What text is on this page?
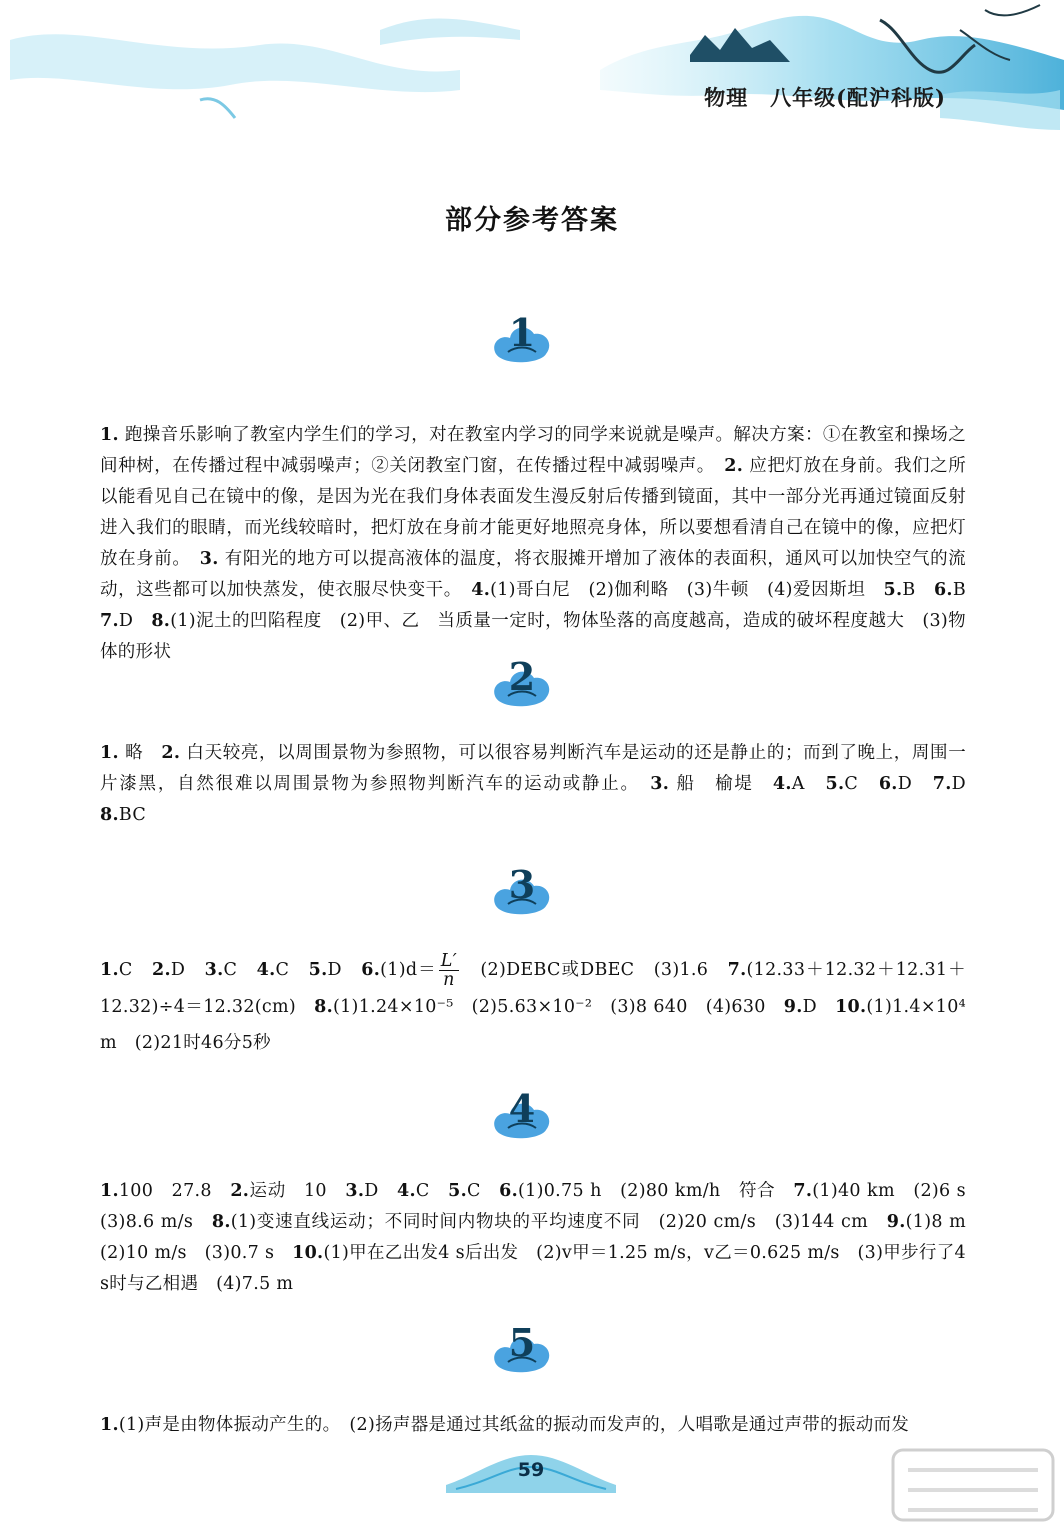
物理　八年级(配沪科版)
部分参考答案
1
1. 跑操音乐影响了教室内学生们的学习，对在教室内学习的同学来说就是噪声。解决方案：①在教室和操场之间种树，在传播过程中减弱噪声；②关闭教室门窗，在传播过程中减弱噪声。　2. 应把灯放在身前。我们之所以能看见自己在镜中的像，是因为光在我们身体表面发生漫反射后传播到镜面，其中一部分光再通过镜面反射进入我们的眼睛，而光线较暗时，把灯放在身前才能更好地照亮身体，所以要想看清自己在镜中的像，应把灯放在身前。　3. 有阳光的地方可以提高液体的温度，将衣服摊开增加了液体的表面积，通风可以加快空气的流动，这些都可以加快蒸发，使衣服尽快变干。　4.(1)哥白尼　(2)伽利略　(3)牛顿　(4)爱因斯坦　5.B　6.B　7.D　8.(1)泥土的凹陷程度　(2)甲、乙　当质量一定时，物体坠落的高度越高，造成的破坏程度越大　(3)物体的形状
2
1. 略　2. 白天较亮，以周围景物为参照物，可以很容易判断汽车是运动的还是静止的；而到了晚上，周围一片漆黑，自然很难以周围景物为参照物判断汽车的运动或静止。　3. 船　榆堤　4.A　5.C　6.D　7.D　8.BC
3
1.C　2.D　3.C　4.C　5.D　$6.(1)d= \frac{L'}{n}$ 　(2)DEBC或DBEC　(3)1.6　7.(12.33＋12.32＋12.31＋12.32)÷4＝12.32(cm)　8.(1)1.24×10⁻⁵　(2)5.63×10⁻²　(3)8 640　(4)630　9.D　10.(1)1.4×10⁴ m　(2)21时46分5秒
4
1.100　27.8　2.运动　10　3.D　4.C　5.C　6.(1)0.75 h　(2)80 km/h　符合　7.(1)40 km　(2)6 s　(3)8.6 m/s　8.(1)变速直线运动；不同时间内物块的平均速度不同　(2)20 cm/s　(3)144 cm　9.(1)8 m　(2)10 m/s　(3)0.7 s　10.(1)甲在乙出发4 s后出发　(2)v甲＝1.25 m/s，v乙＝0.625 m/s　(3)甲步行了4 s时与乙相遇　(4)7.5 m
5
1.(1)声是由物体振动产生的。　(2)扬声器是通过其纸盆的振动而发声的，人唱歌是通过声带的振动而发
59
